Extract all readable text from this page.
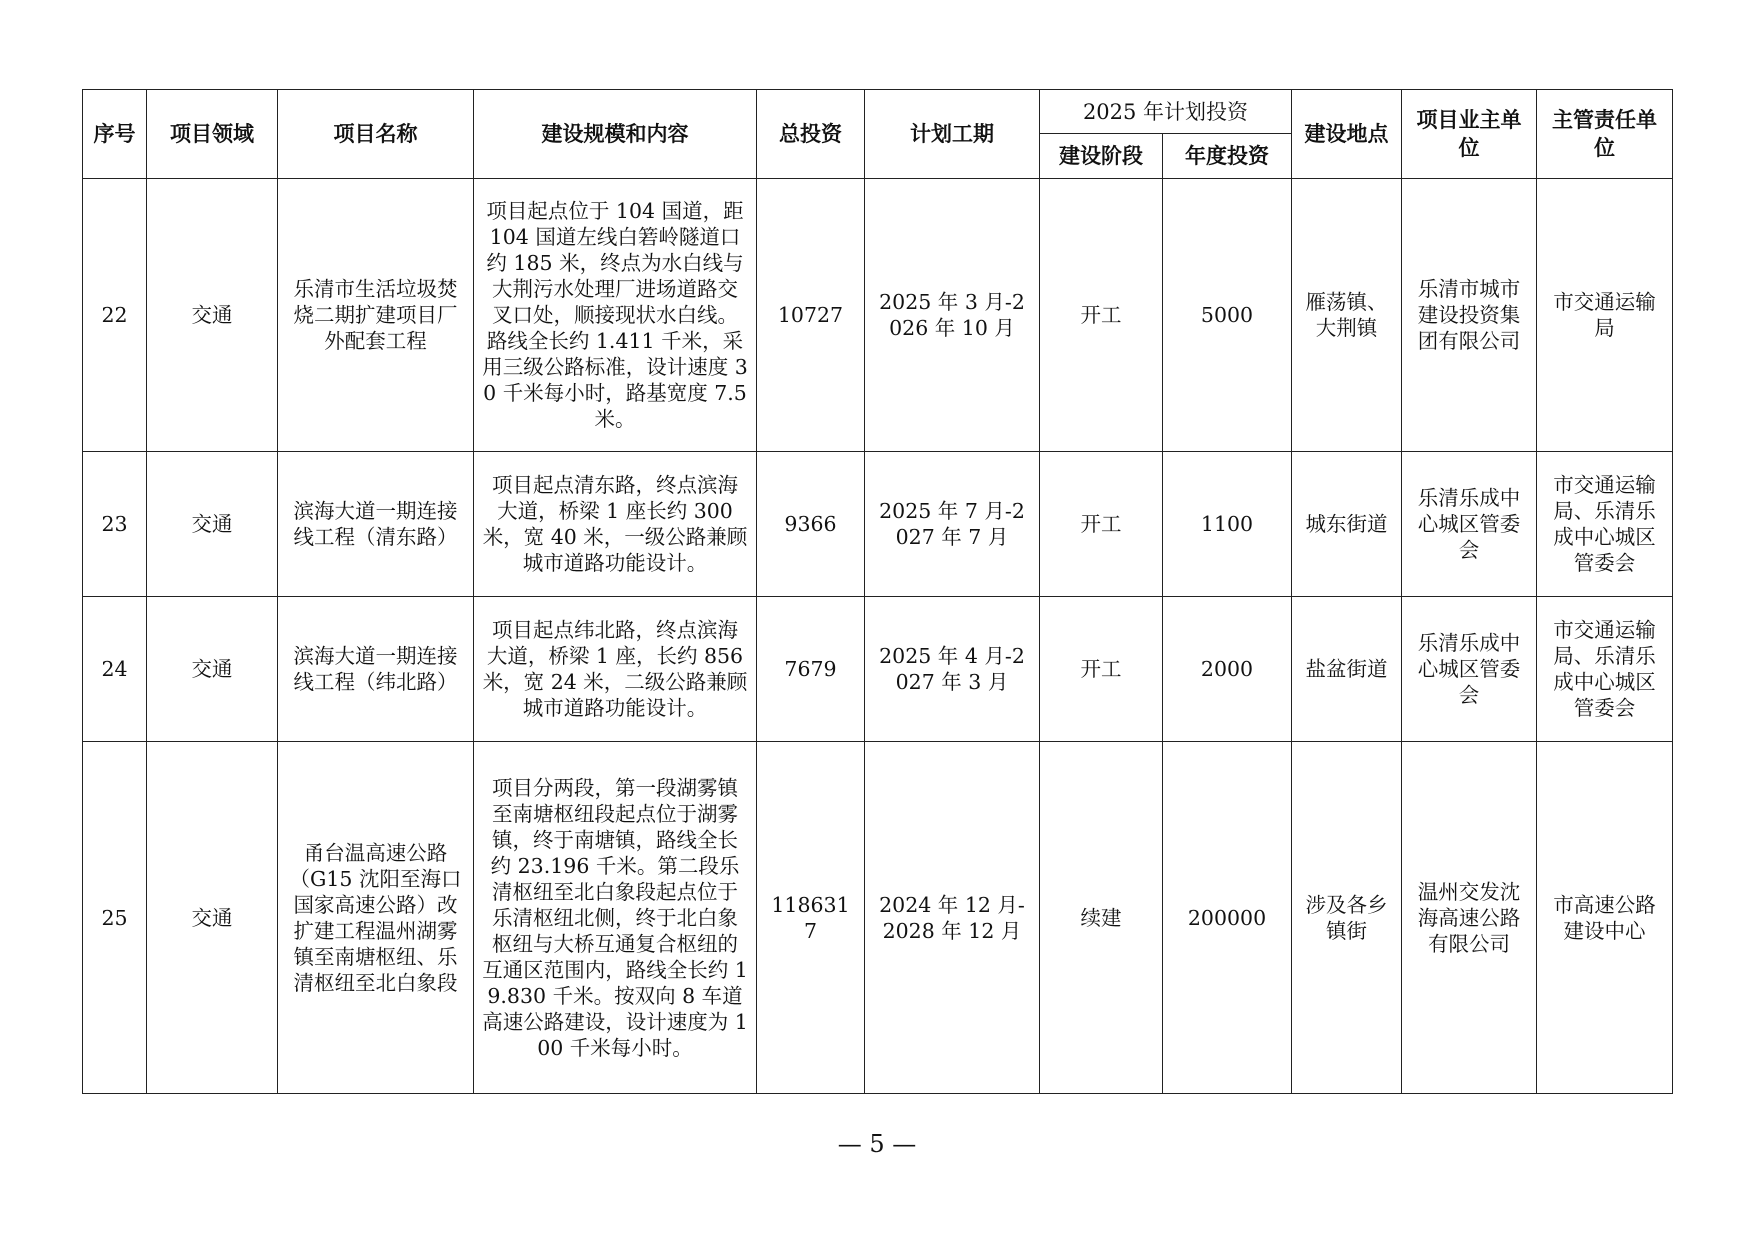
序号	项目领域	项目名称	建设规模和内容	总投资	计划工期	2025 年计划投资		建设地点	项目业主单位	主管责任单位
						建设阶段	年度投资			
22	交通	乐清市生活垃圾焚烧二期扩建项目厂外配套工程	项目起点位于 104 国道，距 104 国道左线白箬岭隧道口约 185 米，终点为水白线与大荆污水处理厂进场道路交叉口处，顺接现状水白线。路线全长约 1.411 千米，采用三级公路标准，设计速度 30 千米每小时，路基宽度 7.5 米。	10727	2025 年 3 月-2026 年 10 月	开工	5000	雁荡镇、大荆镇	乐清市城市建设投资集团有限公司	市交通运输局
23	交通	滨海大道一期连接线工程（清东路）	项目起点清东路，终点滨海大道，桥梁 1 座长约 300 米，宽 40 米，一级公路兼顾城市道路功能设计。	9366	2025 年 7 月-2027 年 7 月	开工	1100	城东街道	乐清乐成中心城区管委会	市交通运输局、乐清乐成中心城区管委会
24	交通	滨海大道一期连接线工程（纬北路）	项目起点纬北路，终点滨海大道，桥梁 1 座，长约 856 米，宽 24 米，二级公路兼顾城市道路功能设计。	7679	2025 年 4 月-2027 年 3 月	开工	2000	盐盆街道	乐清乐成中心城区管委会	市交通运输局、乐清乐成中心城区管委会
25	交通	甬台温高速公路（G15 沈阳至海口国家高速公路）改扩建工程温州湖雾镇至南塘枢纽、乐清枢纽至北白象段	项目分两段，第一段湖雾镇至南塘枢纽段起点位于湖雾镇，终于南塘镇，路线全长约 23.196 千米。第二段乐清枢纽至北白象段起点位于乐清枢纽北侧，终于北白象枢纽与大桥互通复合枢纽的互通区范围内，路线全长约 19.830 千米。按双向 8 车道高速公路建设，设计速度为 100 千米每小时。	1186317	2024 年 12 月-2028 年 12 月	续建	200000	涉及各乡镇街	温州交发沈海高速公路有限公司	市高速公路建设中心
— 5 —
